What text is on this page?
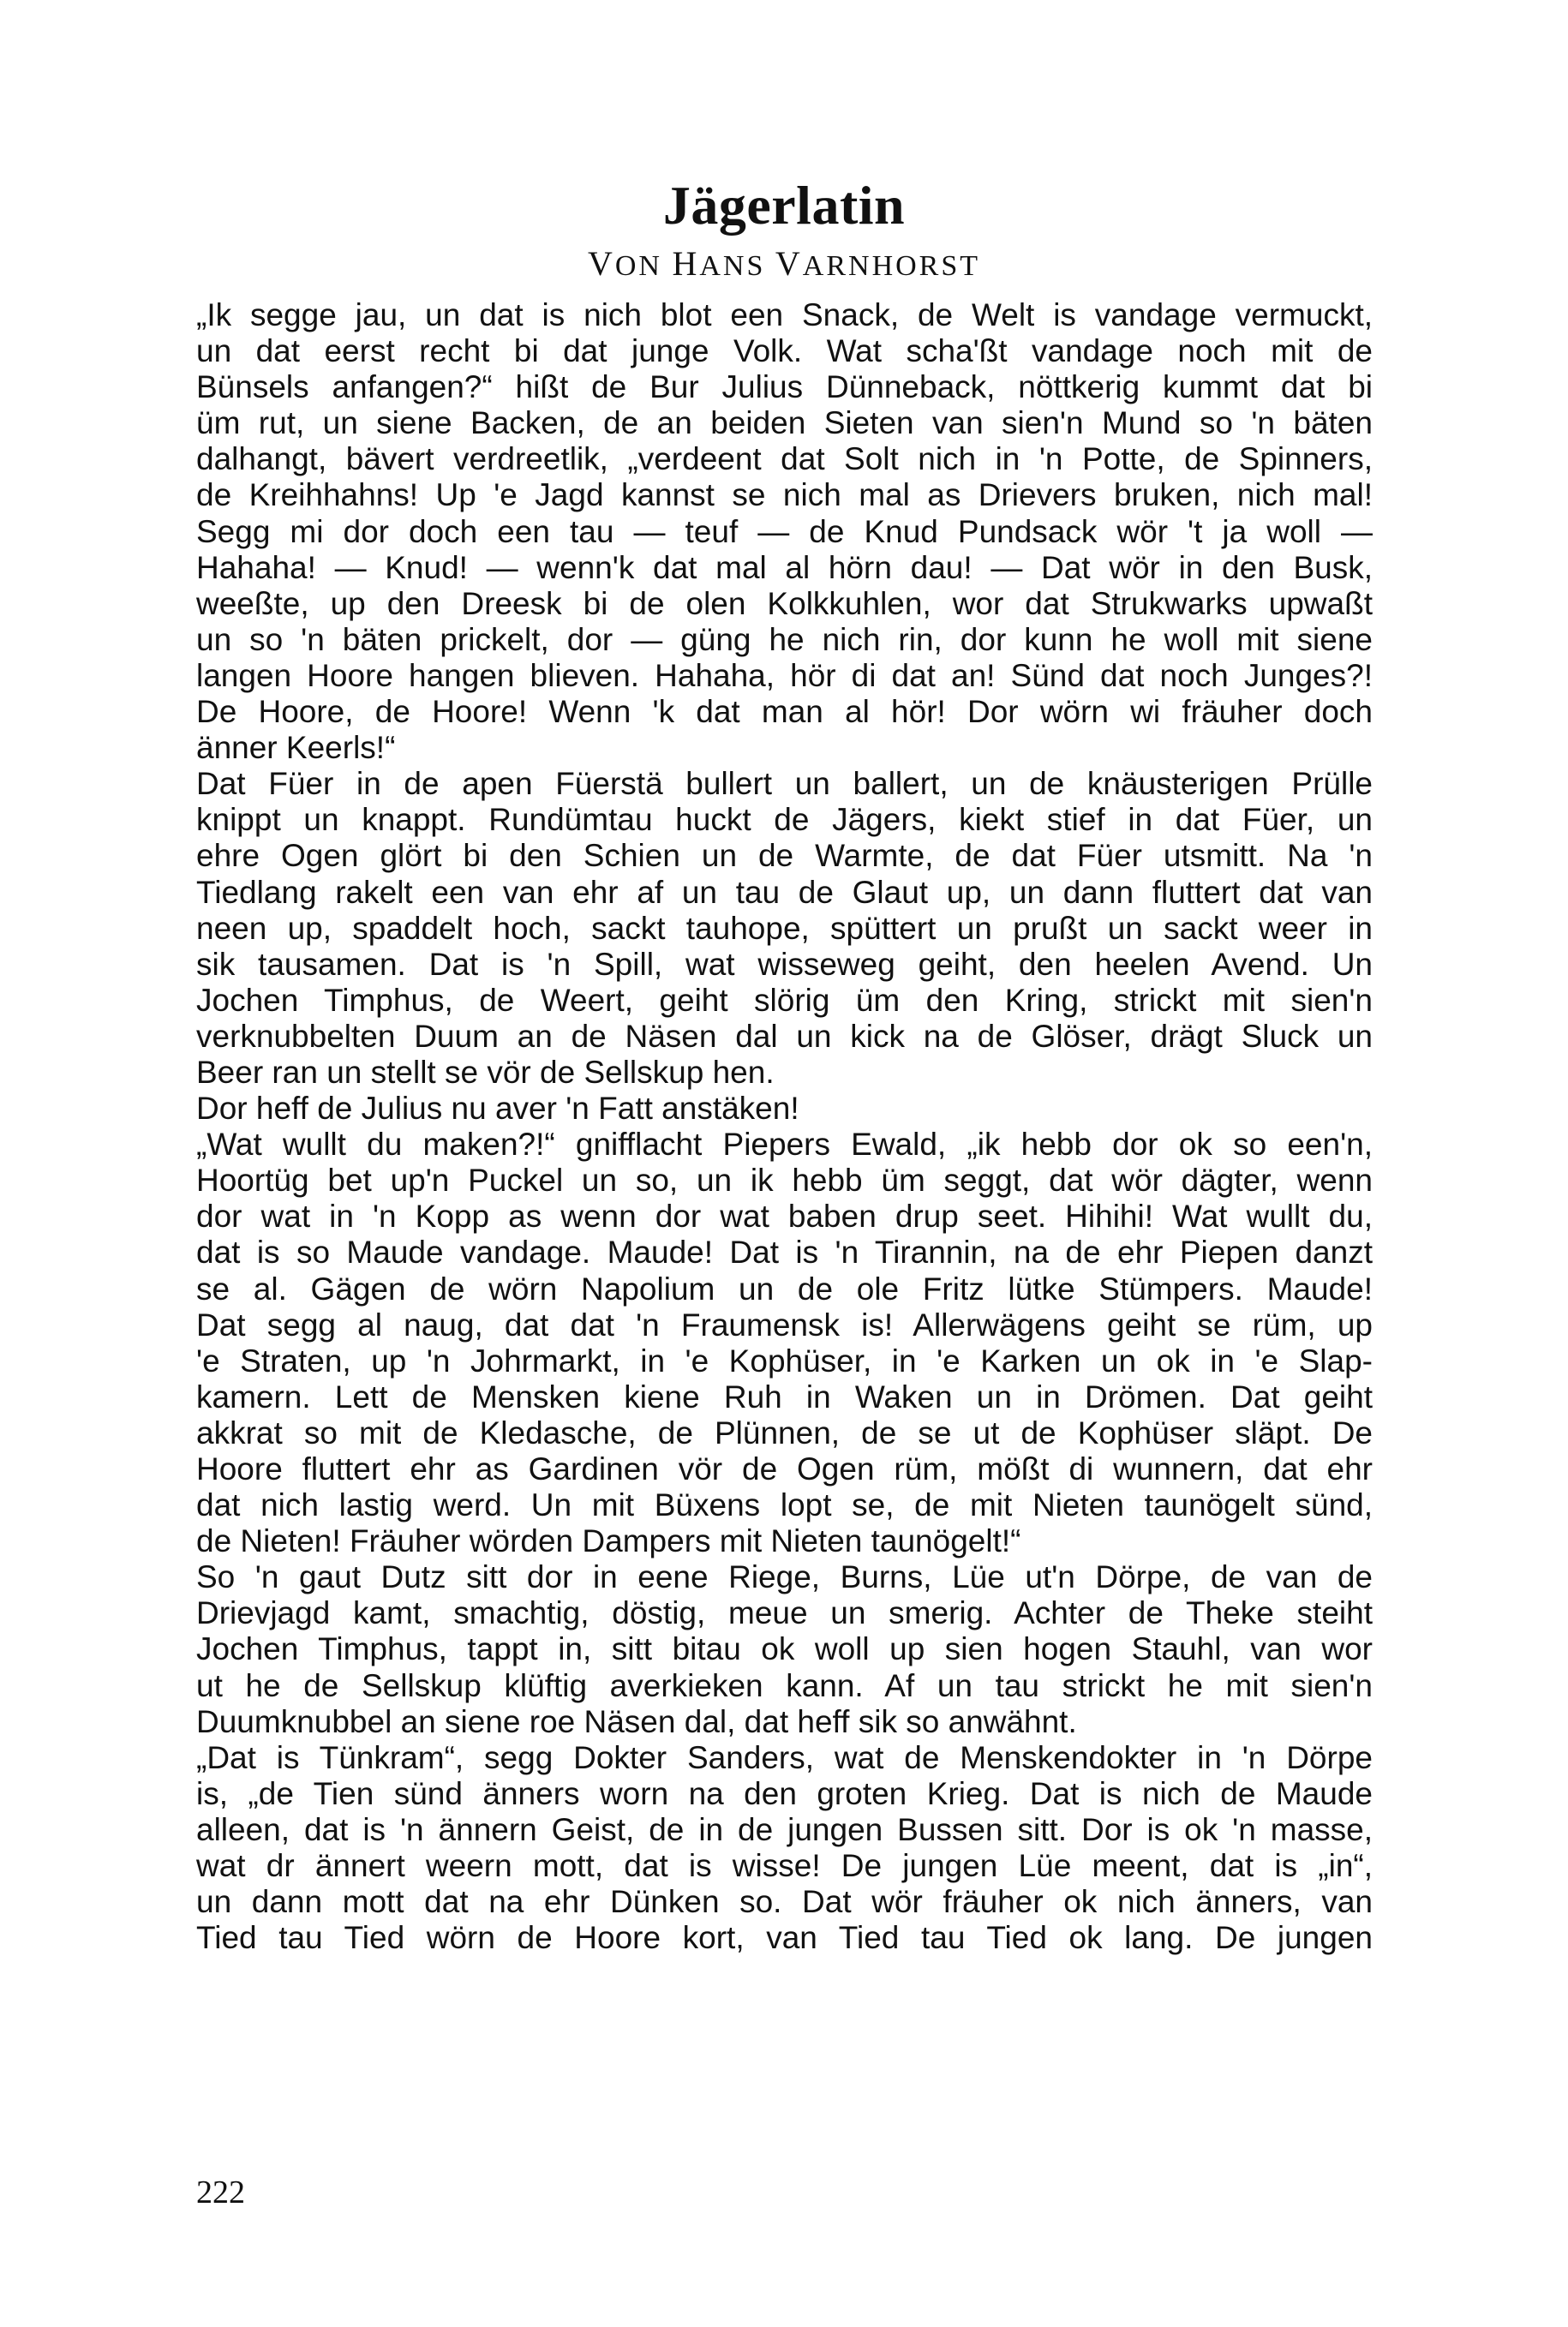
Jägerlatin
VON HANS VARNHORST
„Ik segge jau, un dat is nich blot een Snack, de Welt is vandage vermuckt,
un dat eerst recht bi dat junge Volk. Wat scha'ßt vandage noch mit de
Bünsels anfangen?“ hißt de Bur Julius Dünneback, nöttkerig kummt dat bi
üm rut, un siene Backen, de an beiden Sieten van sien'n Mund so 'n bäten
dalhangt, bävert verdreetlik, „verdeent dat Solt nich in 'n Potte, de Spinners,
de Kreihhahns! Up 'e Jagd kannst se nich mal as Drievers bruken, nich mal!
Segg mi dor doch een tau — teuf — de Knud Pundsack wör 't ja woll —
Hahaha! — Knud! — wenn'k dat mal al hörn dau! — Dat wör in den Busk,
weeßte, up den Dreesk bi de olen Kolkkuhlen, wor dat Strukwarks upwaßt
un so 'n bäten prickelt, dor — güng he nich rin, dor kunn he woll mit siene
langen Hoore hangen blieven. Hahaha, hör di dat an! Sünd dat noch Junges?!
De Hoore, de Hoore! Wenn 'k dat man al hör! Dor wörn wi fräuher doch
änner Keerls!“
Dat Füer in de apen Füerstä bullert un ballert, un de knäusterigen Prülle
knippt un knappt. Rundümtau huckt de Jägers, kiekt stief in dat Füer, un
ehre Ogen glört bi den Schien un de Warmte, de dat Füer utsmitt. Na 'n
Tiedlang rakelt een van ehr af un tau de Glaut up, un dann fluttert dat van
neen up, spaddelt hoch, sackt tauhope, spüttert un prußt un sackt weer in
sik tausamen. Dat is 'n Spill, wat wisseweg geiht, den heelen Avend. Un
Jochen Timphus, de Weert, geiht slörig üm den Kring, strickt mit sien'n
verknubbelten Duum an de Näsen dal un kick na de Glöser, drägt Sluck un
Beer ran un stellt se vör de Sellskup hen.
Dor heff de Julius nu aver 'n Fatt anstäken!
„Wat wullt du maken?!“ gnifflacht Piepers Ewald, „ik hebb dor ok so een'n,
Hoortüg bet up'n Puckel un so, un ik hebb üm seggt, dat wör dägter, wenn
dor wat in 'n Kopp as wenn dor wat baben drup seet. Hihihi! Wat wullt du,
dat is so Maude vandage. Maude! Dat is 'n Tirannin, na de ehr Piepen danzt
se al. Gägen de wörn Napolium un de ole Fritz lütke Stümpers. Maude!
Dat segg al naug, dat dat 'n Fraumensk is! Allerwägens geiht se rüm, up
'e Straten, up 'n Johrmarkt, in 'e Kophüser, in 'e Karken un ok in 'e Slap-
kamern. Lett de Mensken kiene Ruh in Waken un in Drömen. Dat geiht
akkrat so mit de Kledasche, de Plünnen, de se ut de Kophüser släpt. De
Hoore fluttert ehr as Gardinen vör de Ogen rüm, mößt di wunnern, dat ehr
dat nich lastig werd. Un mit Büxens lopt se, de mit Nieten taunögelt sünd,
de Nieten! Fräuher wörden Dampers mit Nieten taunögelt!“
So 'n gaut Dutz sitt dor in eene Riege, Burns, Lüe ut'n Dörpe, de van de
Drievjagd kamt, smachtig, döstig, meue un smerig. Achter de Theke steiht
Jochen Timphus, tappt in, sitt bitau ok woll up sien hogen Stauhl, van wor
ut he de Sellskup klüftig averkieken kann. Af un tau strickt he mit sien'n
Duumknubbel an siene roe Näsen dal, dat heff sik so anwähnt.
„Dat is Tünkram“, segg Dokter Sanders, wat de Menskendokter in 'n Dörpe
is, „de Tien sünd änners worn na den groten Krieg. Dat is nich de Maude
alleen, dat is 'n ännern Geist, de in de jungen Bussen sitt. Dor is ok 'n masse,
wat dr ännert weern mott, dat is wisse! De jungen Lüe meent, dat is „in“,
un dann mott dat na ehr Dünken so. Dat wör fräuher ok nich änners, van
Tied tau Tied wörn de Hoore kort, van Tied tau Tied ok lang. De jungen
222
